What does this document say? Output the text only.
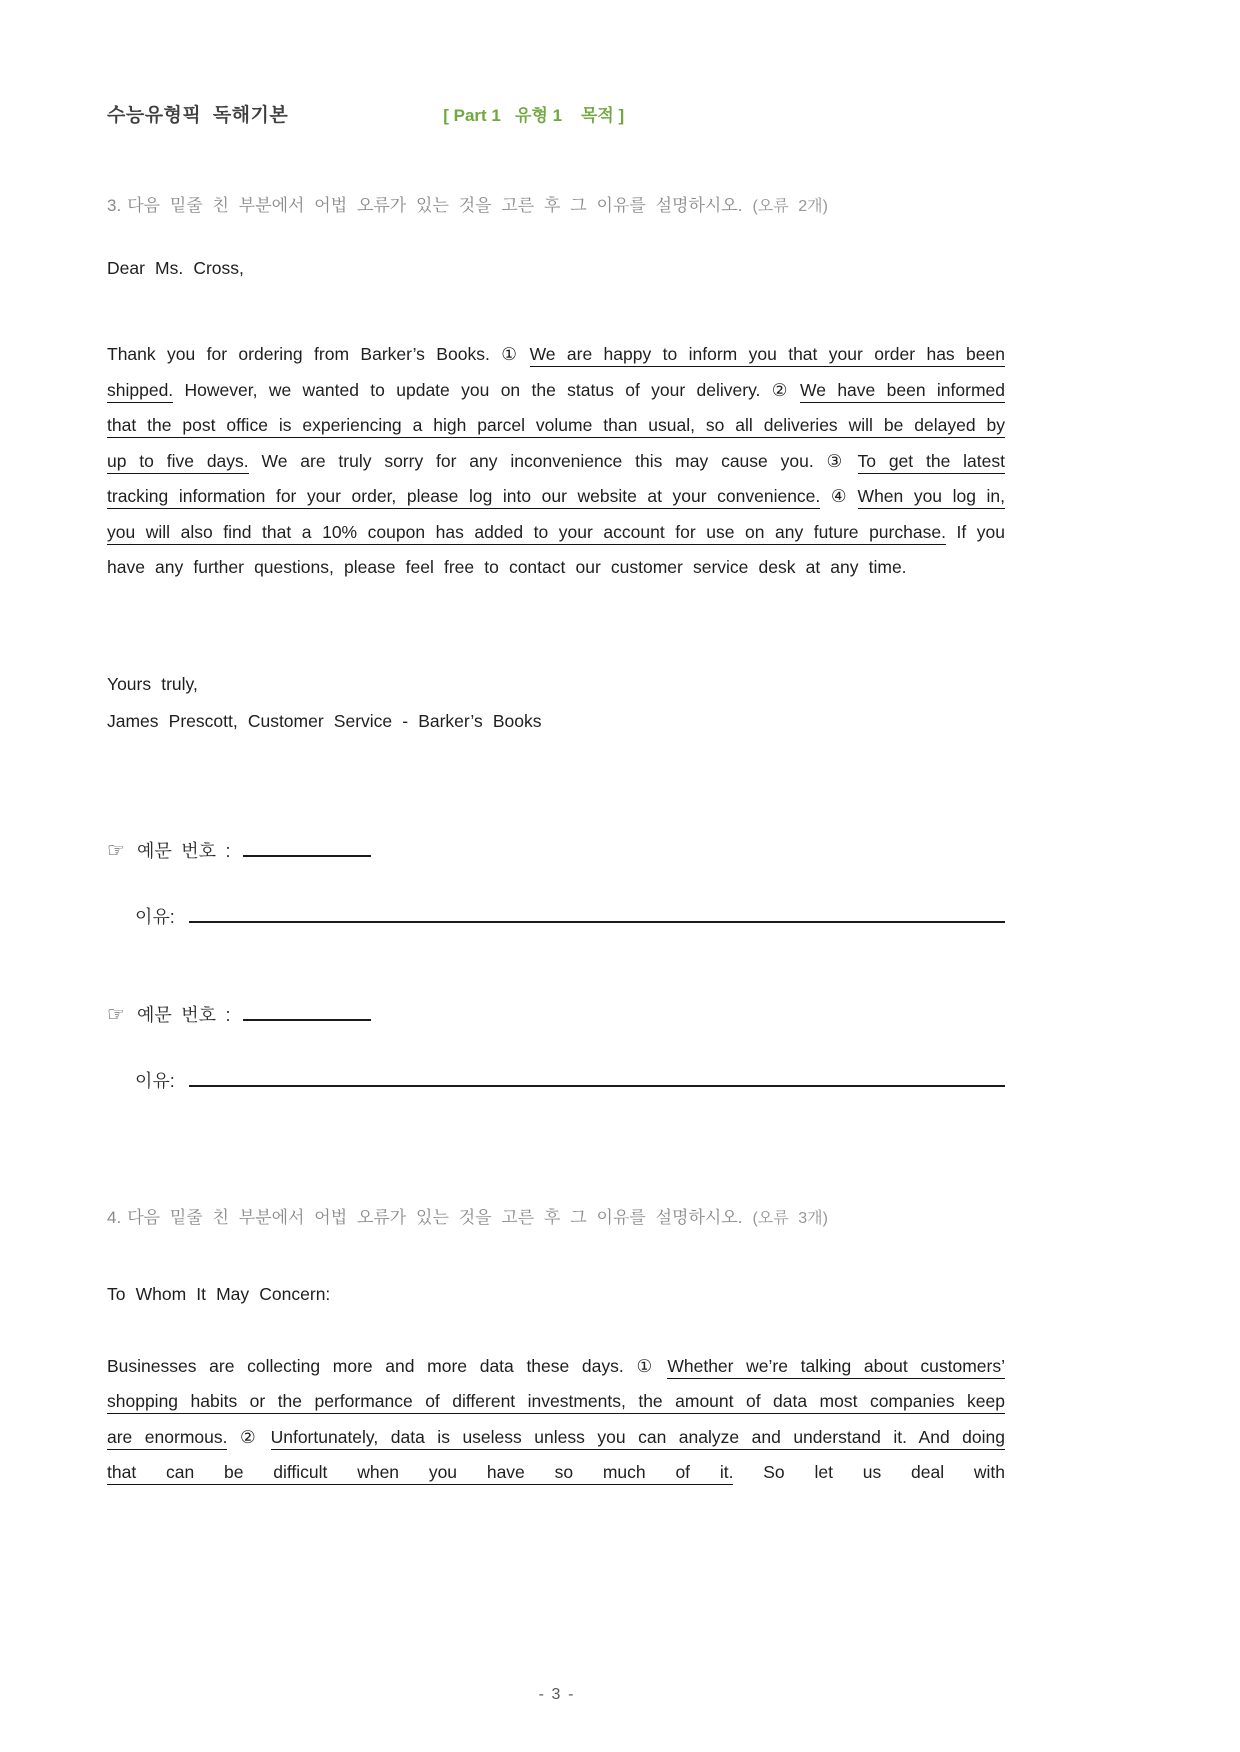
수능유형픽  독해기본	[ Part 1   유형 1    목적 ]
3. 다음 밑줄 친 부분에서 어법 오류가 있는 것을 고른 후 그 이유를 설명하시오. (오류 2개)

Dear Ms. Cross,

Thank you for ordering from Barker’s Books. ① We are happy to inform you that your order has been shipped. However, we wanted to update you on the status of your delivery. ② We have been informed that the post office is experiencing a high parcel volume than usual, so all deliveries will be delayed by up to five days. We are truly sorry for any inconvenience this may cause you. ③ To get the latest tracking information for your order, please log into our website at your convenience. ④ When you log in, you will also find that a 10% coupon has added to your account for use on any future purchase. If you have any further questions, please feel free to contact our customer service desk at any time.

Yours truly,

James Prescott, Customer Service - Barker’s Books

☞ 예문 번호 :
이유:
☞ 예문 번호 :
이유:
4. 다음 밑줄 친 부분에서 어법 오류가 있는 것을 고른 후 그 이유를 설명하시오. (오류 3개)

To Whom It May Concern:

Businesses are collecting more and more data these days. ① Whether we’re talking about customers’ shopping habits or the performance of different investments, the amount of data most companies keep are enormous. ② Unfortunately, data is useless unless you can analyze and understand it. And doing that can be difficult when you have so much of it. So let us deal with

- 3 -
